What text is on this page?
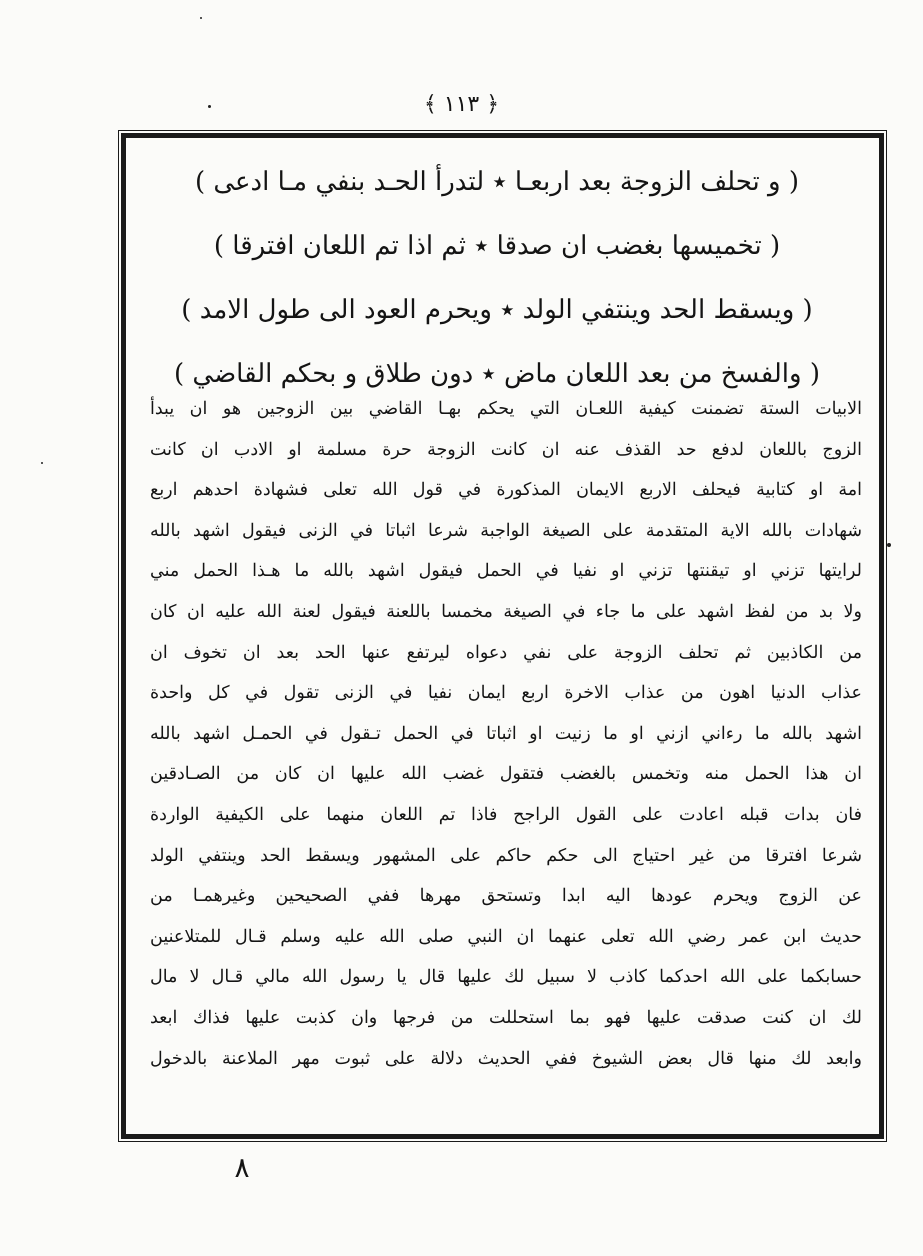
﴾ ١١٣ ﴿
( و تحلف الزوجة بعد اربعـا ٭ لتدرأ الحـد بنفي مـا ادعى )
( تخميسها بغضب ان صدقا ٭ ثم اذا تم اللعان افترقا )
( ويسقط الحد وينتفي الولد ٭ ويحرم العود الى طول الامد )
( والفسخ من بعد اللعان ماض ٭ دون طلاق و بحكم القاضي )
الابيات الستة تضمنت كيفية اللعـان التي يحكم بهـا القاضي بين الزوجين هو ان يبدأ
الزوج باللعان لدفع حد القذف عنه ان كانت الزوجة حرة مسلمة او الادب ان كانت
امة او كتابية فيحلف الاربع الايمان المذكورة في قول الله تعلى فشهادة احدهم اربع
شهادات بالله الاية المتقدمة على الصيغة الواجبة شرعا اثباتا في الزنى فيقول اشهد بالله
لرايتها تزني او تيقنتها تزني او نفيا في الحمل فيقول اشهد بالله ما هـذا الحمل مني
ولا بد من لفظ اشهد على ما جاء في الصيغة مخمسا باللعنة فيقول لعنة الله عليه ان كان
من الكاذبين ثم تحلف الزوجة على نفي دعواه ليرتفع عنها الحد بعد ان تخوف ان
عذاب الدنيا اهون من عذاب الاخرة اربع ايمان نفيا في الزنى تقول في كل واحدة
اشهد بالله ما رءاني ازني او ما زنيت او اثباتا في الحمل تـقول في الحمـل اشهد بالله
ان هذا الحمل منه وتخمس بالغضب فتقول غضب الله عليها ان كان من الصـادقين
فان بدات قبله اعادت على القول الراجح فاذا تم اللعان منهما على الكيفية الواردة
شرعا افترقا من غير احتياج الى حكم حاكم على المشهور ويسقط الحد وينتفي الولد
عن الزوج ويحرم عودها اليه ابدا وتستحق مهرها ففي الصحيحين وغيرهمـا من
حديث ابن عمر رضي الله تعلى عنهما ان النبي صلى الله عليه وسلم قـال للمتلاعنين
حسابكما على الله احدكما كاذب لا سبيل لك عليها قال يا رسول الله مالي قـال لا مال
لك ان كنت صدقت عليها فهو بما استحللت من فرجها وان كذبت عليها فذاك ابعد
وابعد لك منها قال بعض الشيوخ ففي الحديث دلالة على ثبوت مهر الملاعنة بالدخول
٨
